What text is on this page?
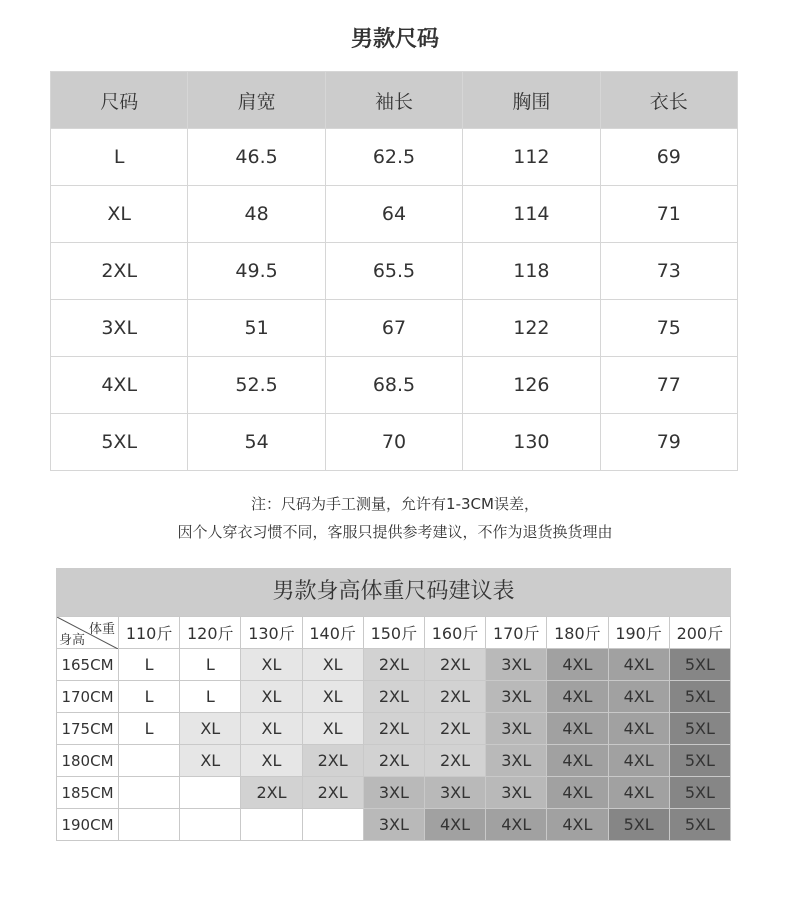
男款尺码
尺码	肩宽	袖长	胸围	衣长
L	46.5	62.5	112	69
XL	48	64	114	71
2XL	49.5	65.5	118	73
3XL	51	67	122	75
4XL	52.5	68.5	126	77
5XL	54	70	130	79
注：尺码为手工测量，允许有1-3CM误差，
因个人穿衣习惯不同，客服只提供参考建议，不作为退货换货理由
男款身高体重尺码建议表
体重
身高	110斤	120斤	130斤	140斤	150斤	160斤	170斤	180斤	190斤	200斤
165CM	L	L	XL	XL	2XL	2XL	3XL	4XL	4XL	5XL
170CM	L	L	XL	XL	2XL	2XL	3XL	4XL	4XL	5XL
175CM	L	XL	XL	XL	2XL	2XL	3XL	4XL	4XL	5XL
180CM		XL	XL	2XL	2XL	2XL	3XL	4XL	4XL	5XL
185CM			2XL	2XL	3XL	3XL	3XL	4XL	4XL	5XL
190CM					3XL	4XL	4XL	4XL	5XL	5XL
